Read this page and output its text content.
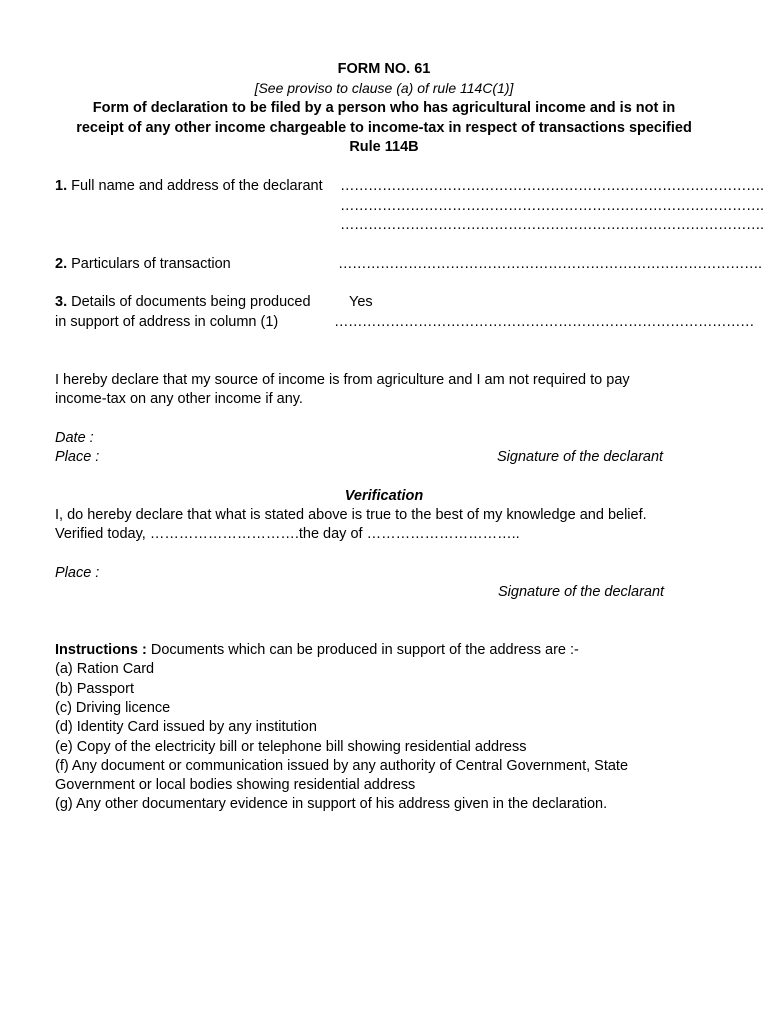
FORM NO. 61
[See proviso to clause (a) of rule 114C(1)]
Form of declaration to be filed by a person who has agricultural income and is not in
receipt of any other income chargeable to income-tax in respect of transactions specified
Rule 114B
1. Full name and address of the declarant ……………………………………………………………………………….
……………………………………………………………………………….
……………………………………………………………………………….
2. Particulars of transaction	……………………………………………………………………………….
3. Details of documents being produced	Yes
in support of address in column (1)	………………………………………………………………………………
I hereby declare that my source of income is from agriculture and I am not required to pay
income-tax on any other income if any.
Date :
Place :	Signature of the declarant
Verification
I, do hereby declare that what is stated above is true to the best of my knowledge and belief.
Verified today, ………………………….the day of …………………………..
Place :
Signature of the declarant
Instructions : Documents which can be produced in support of the address are :-
(a) Ration Card
(b) Passport
(c) Driving licence
(d) Identity Card issued by any institution
(e) Copy of the electricity bill or telephone bill showing residential address
(f) Any document or communication issued by any authority of Central Government, State
Government or local bodies showing residential address
(g) Any other documentary evidence in support of his address given in the declaration.
